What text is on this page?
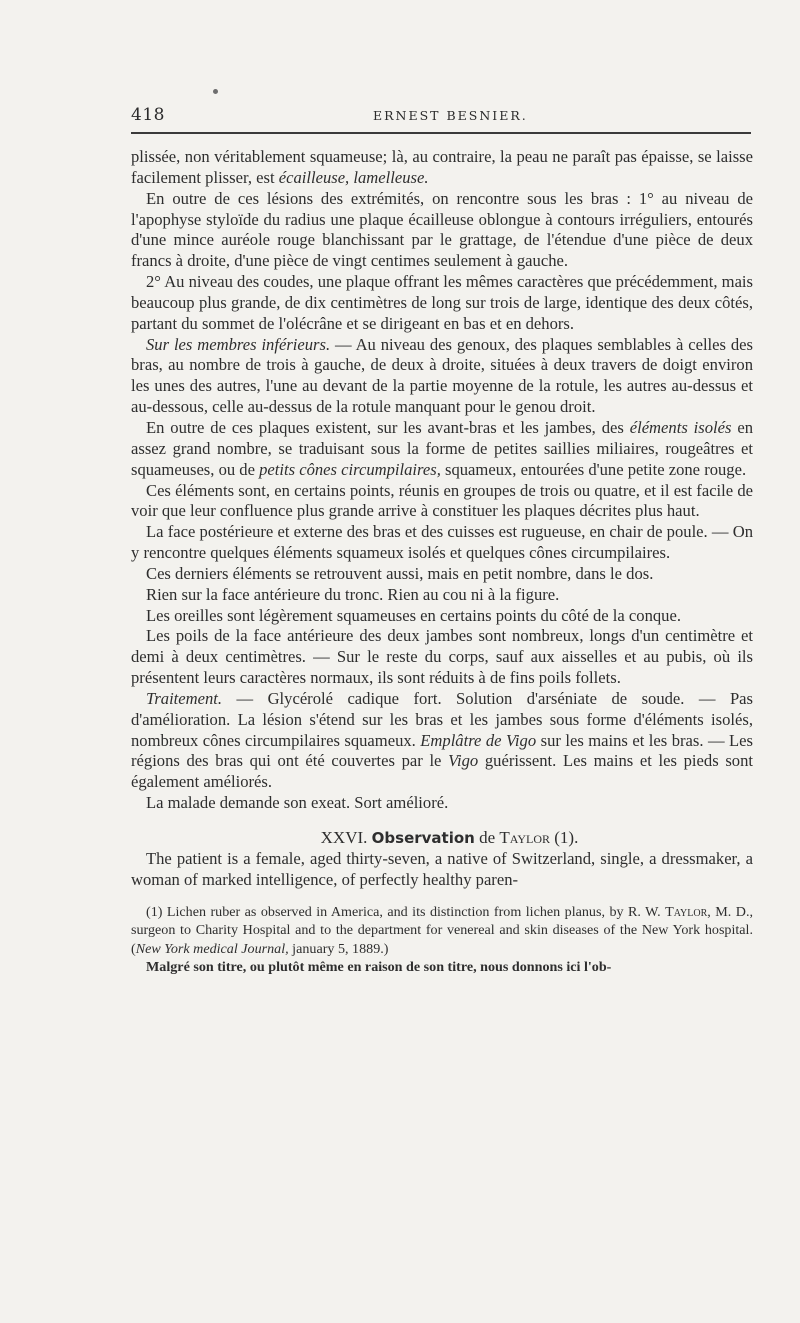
418	ERNEST BESNIER.

plissée, non véritablement squameuse; là, au contraire, la peau ne paraît pas épaisse, se laisse facilement plisser, est écailleuse, lamelleuse.

En outre de ces lésions des extrémités, on rencontre sous les bras : 1° au niveau de l'apophyse styloïde du radius une plaque écailleuse oblongue à contours irréguliers, entourés d'une mince auréole rouge blanchissant par le grattage, de l'étendue d'une pièce de deux francs à droite, d'une pièce de vingt centimes seulement à gauche.

2° Au niveau des coudes, une plaque offrant les mêmes caractères que précédemment, mais beaucoup plus grande, de dix centimètres de long sur trois de large, identique des deux côtés, partant du sommet de l'olécrâne et se dirigeant en bas et en dehors.

Sur les membres inférieurs. — Au niveau des genoux, des plaques semblables à celles des bras, au nombre de trois à gauche, de deux à droite, situées à deux travers de doigt environ les unes des autres, l'une au devant de la partie moyenne de la rotule, les autres au-dessus et au-dessous, celle au-dessus de la rotule manquant pour le genou droit.

En outre de ces plaques existent, sur les avant-bras et les jambes, des éléments isolés en assez grand nombre, se traduisant sous la forme de petites saillies miliaires, rougeâtres et squameuses, ou de petits cônes circumpilaires, squameux, entourées d'une petite zone rouge.

Ces éléments sont, en certains points, réunis en groupes de trois ou quatre, et il est facile de voir que leur confluence plus grande arrive à constituer les plaques décrites plus haut.

La face postérieure et externe des bras et des cuisses est rugueuse, en chair de poule. — On y rencontre quelques éléments squameux isolés et quelques cônes circumpilaires.

Ces derniers éléments se retrouvent aussi, mais en petit nombre, dans le dos.

Rien sur la face antérieure du tronc. Rien au cou ni à la figure.

Les oreilles sont légèrement squameuses en certains points du côté de la conque.

Les poils de la face antérieure des deux jambes sont nombreux, longs d'un centimètre et demi à deux centimètres. — Sur le reste du corps, sauf aux aisselles et au pubis, où ils présentent leurs caractères normaux, ils sont réduits à de fins poils follets.

Traitement. — Glycérolé cadique fort. Solution d'arséniate de soude. — Pas d'amélioration. La lésion s'étend sur les bras et les jambes sous forme d'éléments isolés, nombreux cônes circumpilaires squameux. Emplâtre de Vigo sur les mains et les bras. — Les régions des bras qui ont été couvertes par le Vigo guérissent. Les mains et les pieds sont également améliorés.

La malade demande son exeat. Sort amélioré.

XXVI. Observation de Taylor (1).

The patient is a female, aged thirty-seven, a native of Switzerland, single, a dressmaker, a woman of marked intelligence, of perfectly healthy paren-

(1) Lichen ruber as observed in America, and its distinction from lichen planus, by R. W. Taylor, M. D., surgeon to Charity Hospital and to the department for venereal and skin diseases of the New York hospital. (New York medical Journal, january 5, 1889.)

Malgré son titre, ou plutôt même en raison de son titre, nous donnons ici l'ob-
